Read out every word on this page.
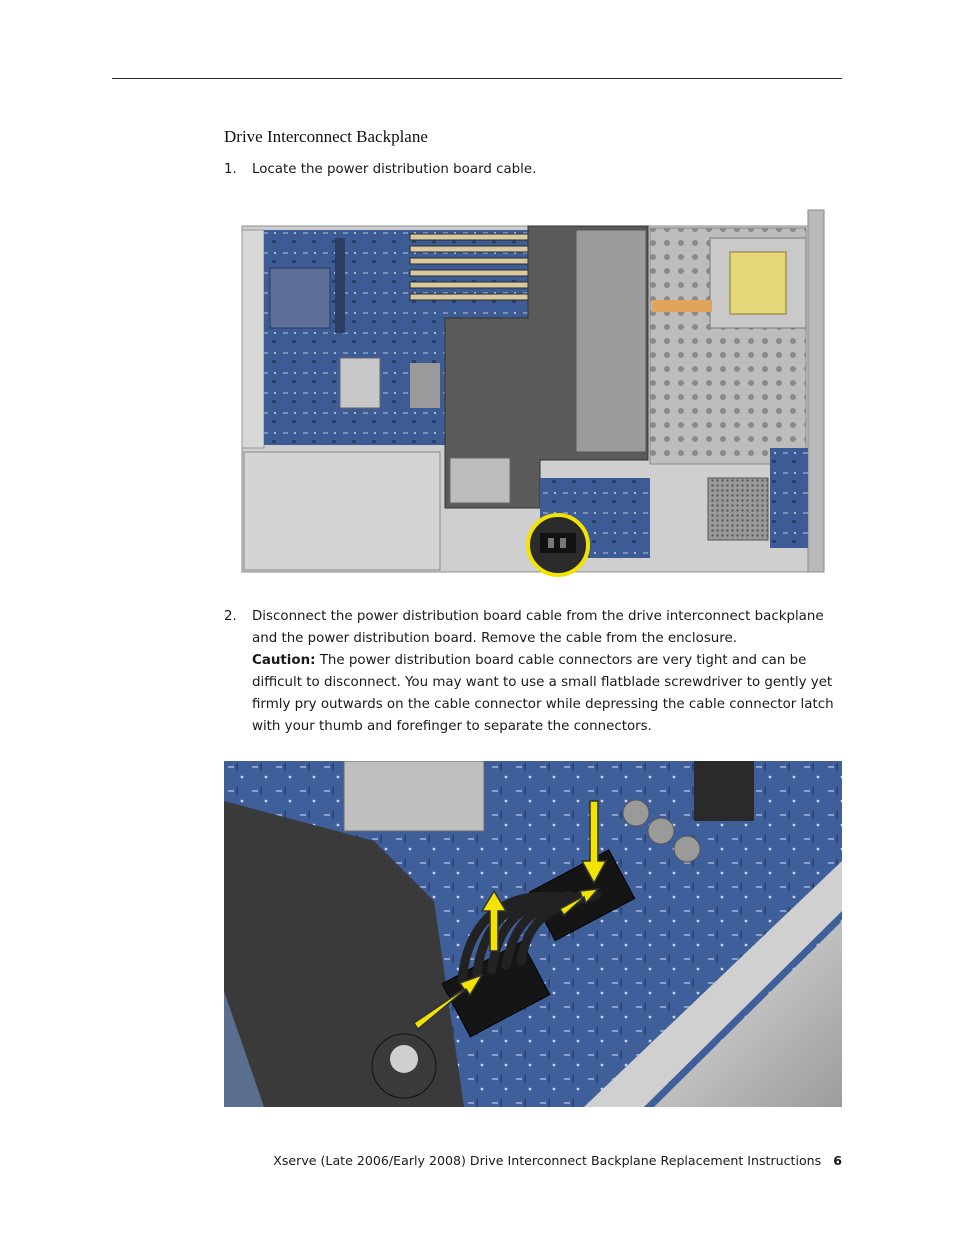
Drive Interconnect Backplane
1. Locate the power distribution board cable.
2. Disconnect the power distribution board cable from the drive interconnect backplane and the power distribution board. Remove the cable from the enclosure.
Caution: The power distribution board cable connectors are very tight and can be difficult to disconnect. You may want to use a small flatblade screwdriver to gently yet firmly pry outwards on the cable connector while depressing the cable connector latch with your thumb and forefinger to separate the connectors.
Xserve (Late 2006/Early 2008) Drive Interconnect Backplane Replacement Instructions 6
